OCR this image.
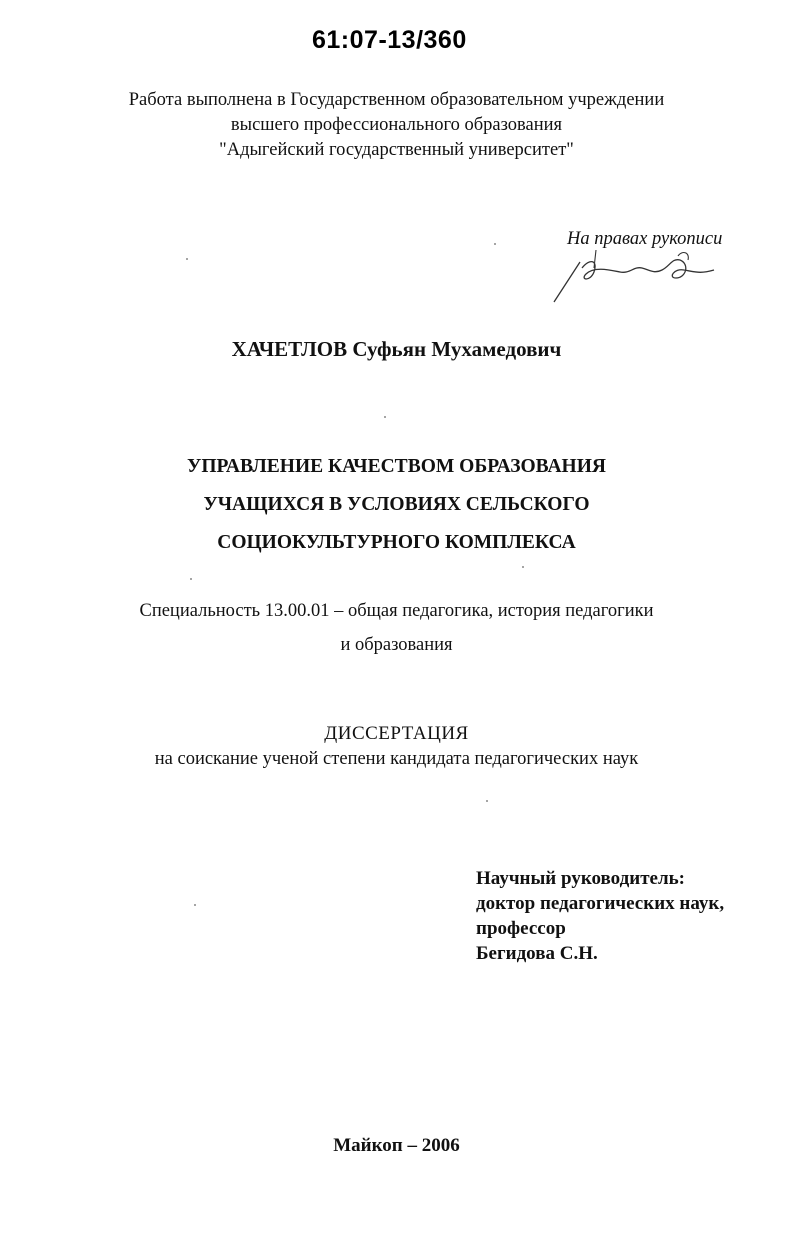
61:07-13/360
Работа выполнена в Государственном образовательном учреждении
высшего профессионального образования
"Адыгейский государственный университет"
На правах рукописи
ХАЧЕТЛОВ Суфьян Мухамедович
УПРАВЛЕНИЕ КАЧЕСТВОМ ОБРАЗОВАНИЯ
УЧАЩИХСЯ В УСЛОВИЯХ СЕЛЬСКОГО
СОЦИОКУЛЬТУРНОГО КОМПЛЕКСА
Специальность 13.00.01 – общая педагогика, история педагогики
и образования
ДИССЕРТАЦИЯ
на соискание ученой степени кандидата педагогических наук
Научный руководитель:
доктор педагогических наук,
профессор
Бегидова С.Н.
Майкоп – 2006
